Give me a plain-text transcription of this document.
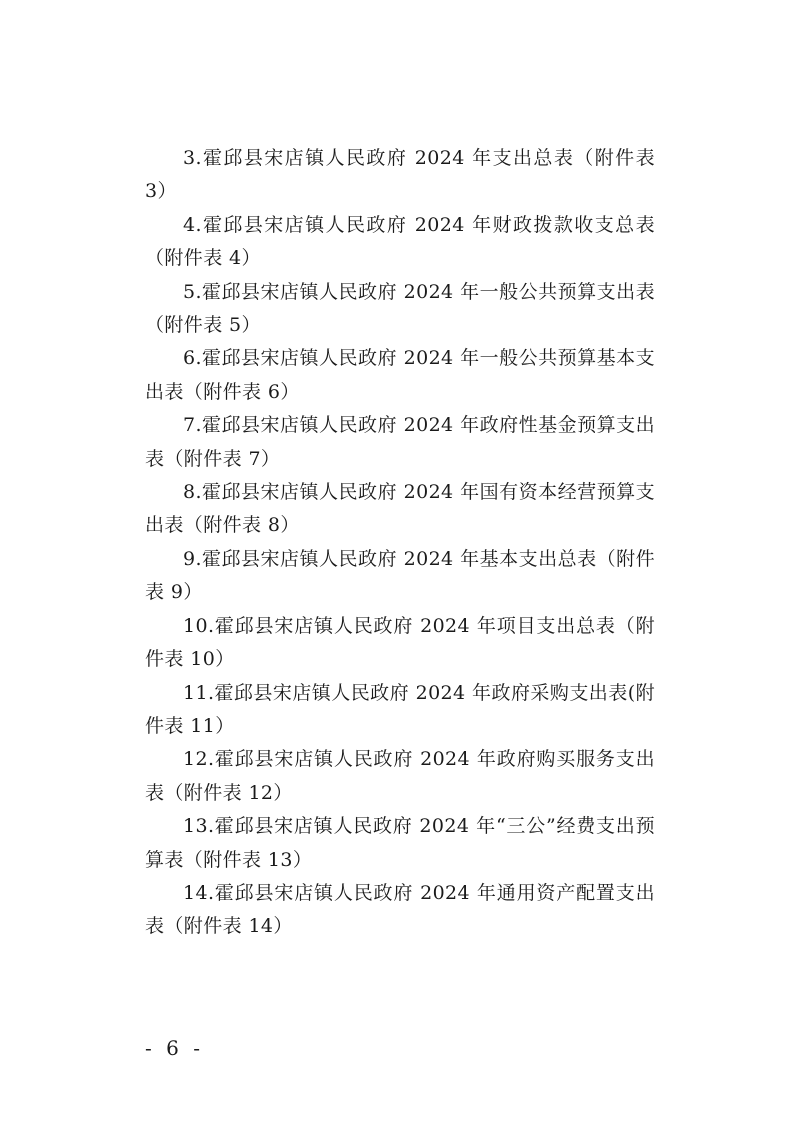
3.霍邱县宋店镇人民政府 2024 年支出总表（附件表 3）

4.霍邱县宋店镇人民政府 2024 年财政拨款收支总表（附件表 4）

5.霍邱县宋店镇人民政府 2024 年一般公共预算支出表（附件表 5）

6.霍邱县宋店镇人民政府 2024 年一般公共预算基本支出表（附件表 6）

7.霍邱县宋店镇人民政府 2024 年政府性基金预算支出表（附件表 7）

8.霍邱县宋店镇人民政府 2024 年国有资本经营预算支出表（附件表 8）

9.霍邱县宋店镇人民政府 2024 年基本支出总表（附件表 9）

10.霍邱县宋店镇人民政府 2024 年项目支出总表（附件表 10）

11.霍邱县宋店镇人民政府 2024 年政府采购支出表(附件表 11）

12.霍邱县宋店镇人民政府 2024 年政府购买服务支出表（附件表 12）

13.霍邱县宋店镇人民政府 2024 年“三公”经费支出预算表（附件表 13）

14.霍邱县宋店镇人民政府 2024 年通用资产配置支出表（附件表 14）

- 6 -
